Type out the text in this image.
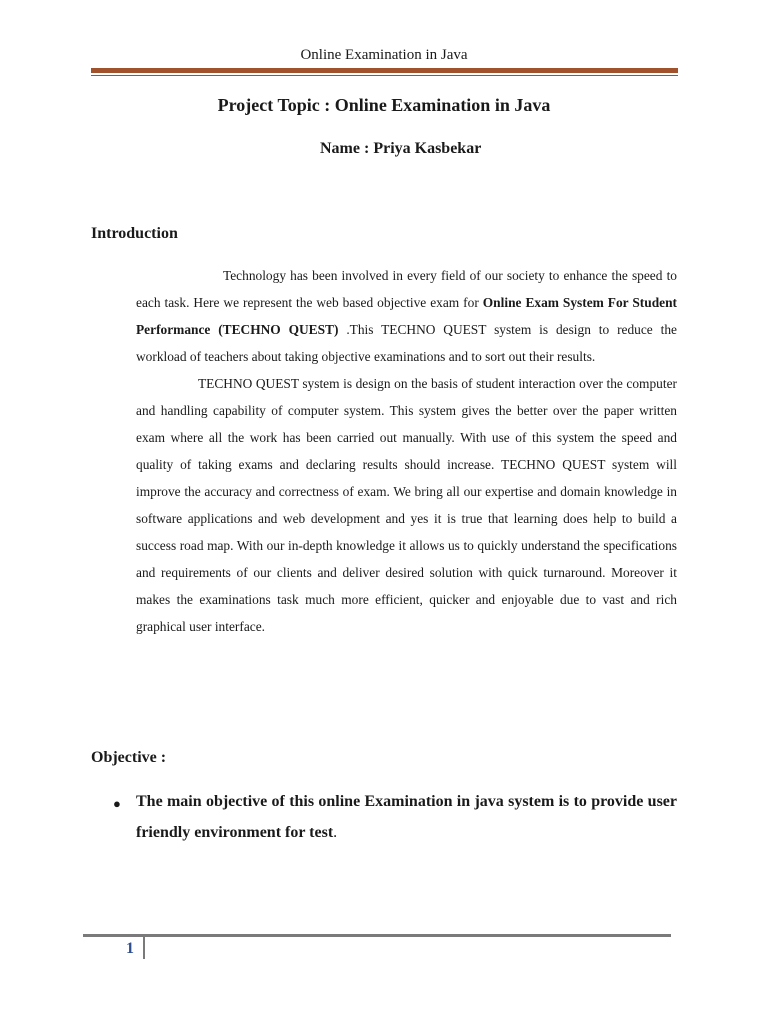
Online Examination in Java
Project Topic : Online Examination in Java
Name : Priya Kasbekar
Introduction

Technology has been involved in every field of our society to enhance the speed to each task. Here we represent the web based objective exam for Online Exam System For Student Performance (TECHNO QUEST) .This TECHNO QUEST system is design to reduce the workload of teachers about taking objective examinations and to sort out their results.

TECHNO QUEST system is design on the basis of student interaction over the computer and handling capability of computer system. This system gives the better over the paper written exam where all the work has been carried out manually. With use of this system the speed and quality of taking exams and declaring results should increase. TECHNO QUEST system will improve the accuracy and correctness of exam. We bring all our expertise and domain knowledge in software applications and web development and yes it is true that learning does help to build a success road map. With our in-depth knowledge it allows us to quickly understand the specifications and requirements of our clients and deliver desired solution with quick turnaround. Moreover it makes the examinations task much more efficient, quicker and enjoyable due to vast and rich graphical user interface.

Objective :
● The main objective of this online Examination in java system is to provide user friendly environment for test.

1
